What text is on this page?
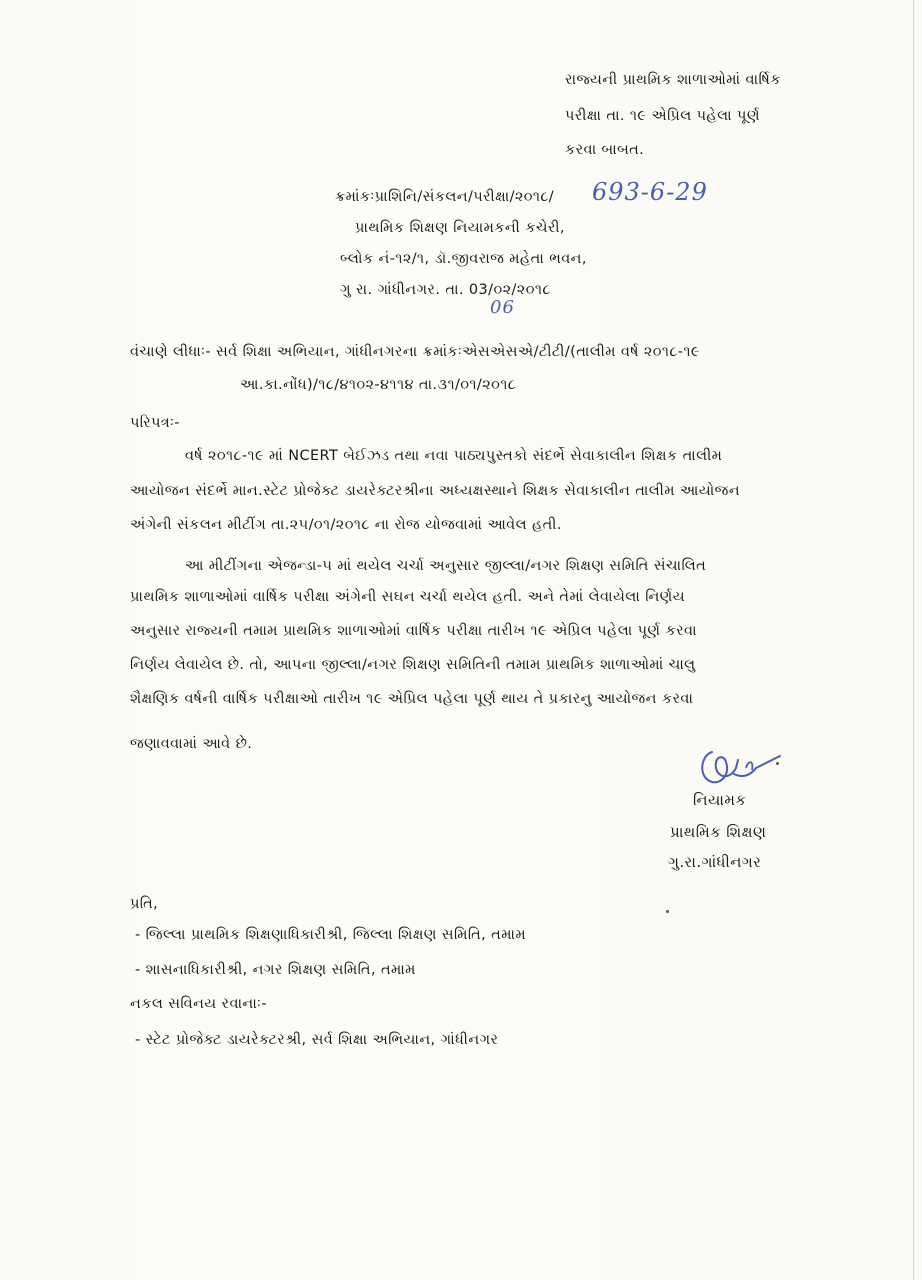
રાજ્યની પ્રાથમિક શાળાઓમાં વાર્ષિક
પરીક્ષા તા. ૧૯ એપ્રિલ પહેલા પૂર્ણ
કરવા બાબત.
ક્રમાંકઃપ્રાશિનિ/સંકલન/પરીક્ષા/૨૦૧૮/ 693-6-29
પ્રાથમિક શિક્ષણ નિયામકની કચેરી,
બ્લોક નં-૧૨/૧, ડૉ.જીવરાજ મહેતા ભવન,
ગુ રા. ગાંધીનગર. તા. 03/૦૨/૨૦૧૮
06
વંચાણે લીધાઃ- સર્વ શિક્ષા અભિયાન, ગાંધીનગરના ક્રમાંકઃએસએસએ/ટીટી/(તાલીમ વર્ષ ૨૦૧૮-૧૯
આ.કા.નોંધ)/૧૮/૪૧૦૨-૪૧૧૪ તા.૩૧/૦૧/૨૦૧૮
પરિપત્રઃ-
વર્ષ ૨૦૧૮-૧૯ માં NCERT બેઈઝડ તથા નવા પાઠ્યપુસ્તકો સંદર્ભે સેવાકાલીન શિક્ષક તાલીમ
આયોજન સંદર્ભે માન.સ્ટેટ પ્રોજેક્ટ ડાયરેક્ટરશ્રીના અધ્યક્ષસ્થાને શિક્ષક સેવાકાલીન તાલીમ આયોજન
અંગેની સંકલન મીટીંગ તા.૨૫/૦૧/૨૦૧૮ ના રોજ યોજવામાં આવેલ હતી.
આ મીટીંગના એજન્ડા-૫ માં થયેલ ચર્ચા અનુસાર જીલ્લા/નગર શિક્ષણ સમિતિ સંચાલિત
પ્રાથમિક શાળાઓમાં વાર્ષિક પરીક્ષા અંગેની સઘન ચર્ચા થયેલ હતી. અને તેમાં લેવાયેલા નિર્ણય
અનુસાર રાજ્યની તમામ પ્રાથમિક શાળાઓમાં વાર્ષિક પરીક્ષા તારીખ ૧૯ એપ્રિલ પહેલા પૂર્ણ કરવા
નિર્ણય લેવાયેલ છે. તો, આપના જીલ્લા/નગર શિક્ષણ સમિતિની તમામ પ્રાથમિક શાળાઓમાં ચાલુ
શૈક્ષણિક વર્ષની વાર્ષિક પરીક્ષાઓ તારીખ ૧૯ એપ્રિલ પહેલા પૂર્ણ થાય તે પ્રકારનુ આયોજન કરવા
જણાવવામાં આવે છે.
નિયામક
પ્રાથમિક શિક્ષણ
ગુ.રા.ગાંધીનગર
પ્રતિ,
- જિલ્લા પ્રાથમિક શિક્ષણાધિકારીશ્રી, જિલ્લા શિક્ષણ સમિતિ, તમામ
- શાસનાધિકારીશ્રી, નગર શિક્ષણ સમિતિ, તમામ
નકલ સવિનય રવાનાઃ-
- સ્ટેટ પ્રોજેક્ટ ડાયરેક્ટરશ્રી, સર્વ શિક્ષા અભિયાન, ગાંધીનગર
